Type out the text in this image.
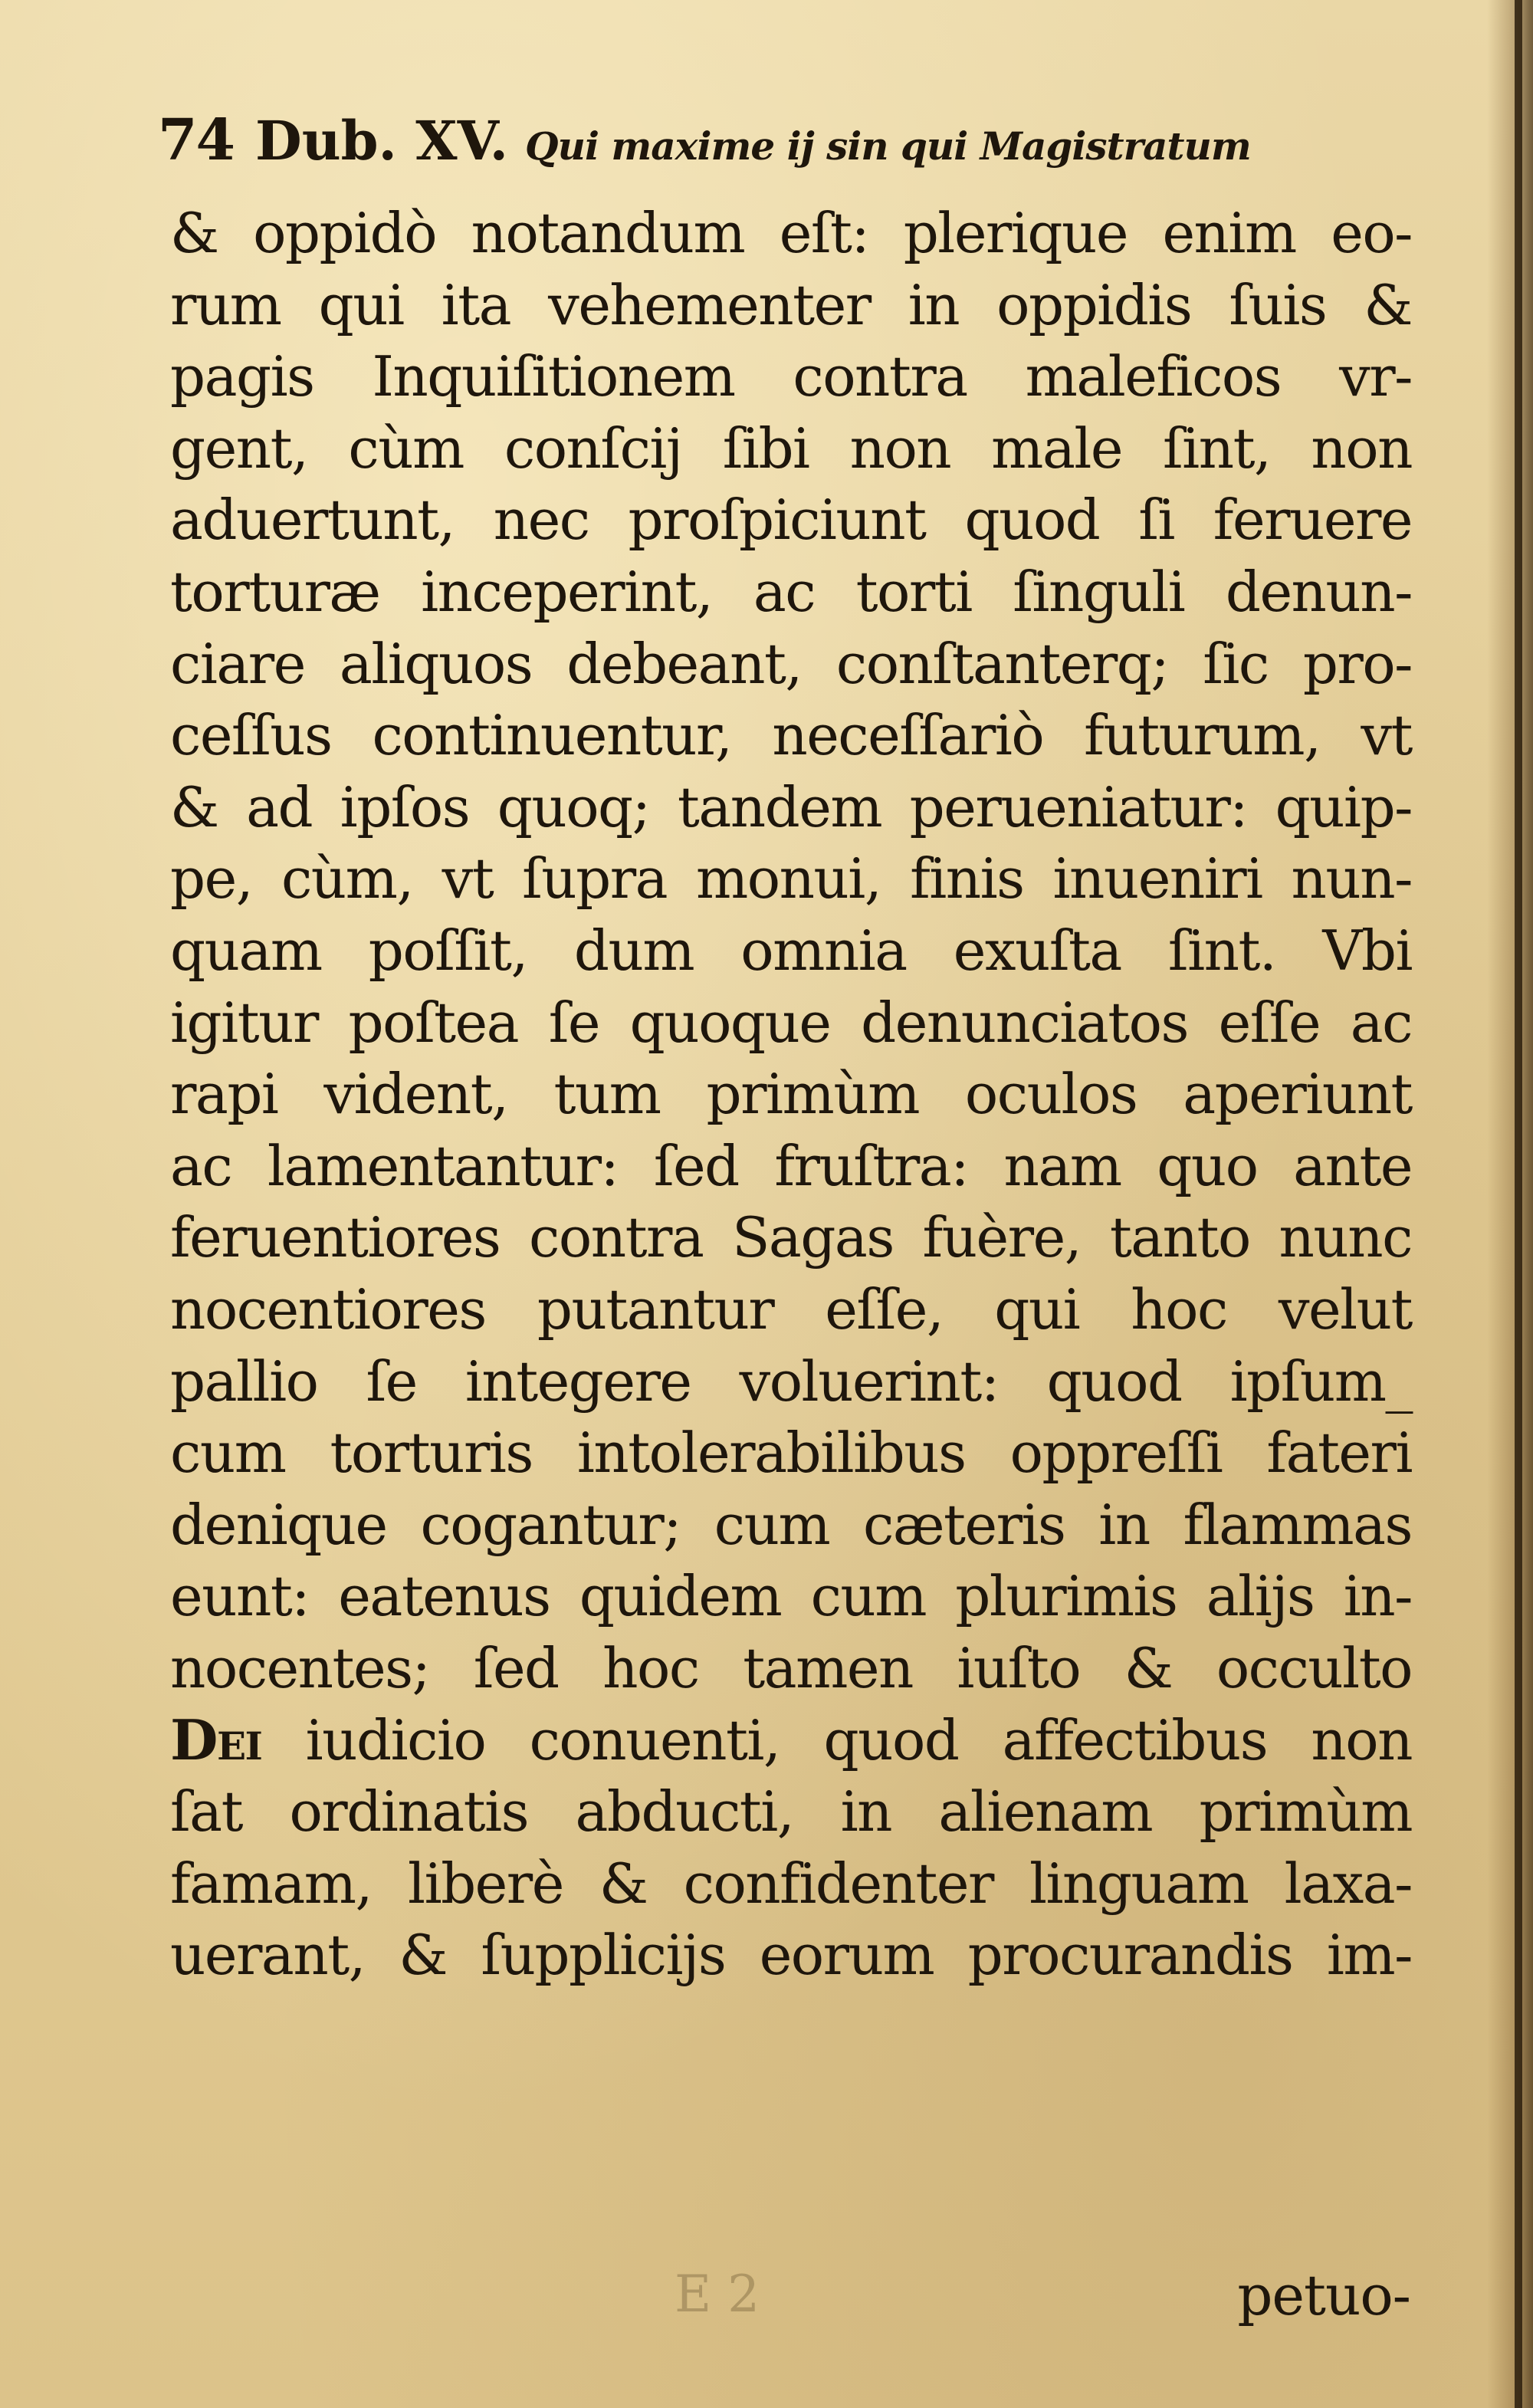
74 Dub. XV. Qui maxime ij sin qui Magistratum
& oppidò notandum eſt: plerique enim eo-
rum qui ita vehementer in oppidis ſuis &
pagis Inquiſitionem contra maleficos vr-
gent, cùm conſcij ſibi non male ſint, non
aduertunt, nec proſpiciunt quod ſi feruere
torturæ inceperint, ac torti ſinguli denun-
ciare aliquos debeant, conſtanterq; ſic pro-
ceſſus continuentur, neceſſariò futurum, vt
& ad ipſos quoq; tandem perueniatur: quip-
pe, cùm, vt ſupra monui, finis inueniri nun-
quam poſſit, dum omnia exuſta ſint. Vbi
igitur poſtea ſe quoque denunciatos eſſe ac
rapi vident, tum primùm oculos aperiunt
ac lamentantur: ſed fruſtra: nam quo ante
feruentiores contra Sagas fuère, tanto nunc
nocentiores putantur eſſe, qui hoc velut
pallio ſe integere voluerint: quod ipſum_
cum torturis intolerabilibus oppreſſi fateri
denique cogantur; cum cæteris in flammas
eunt: eatenus quidem cum plurimis alijs in-
nocentes; ſed hoc tamen iuſto & occulto
Dei iudicio conuenti, quod affectibus non
ſat ordinatis abducti, in alienam primùm
famam, liberè & confidenter linguam laxa-
uerant, & ſupplicijs eorum procurandis im-
E 2	petuo-
